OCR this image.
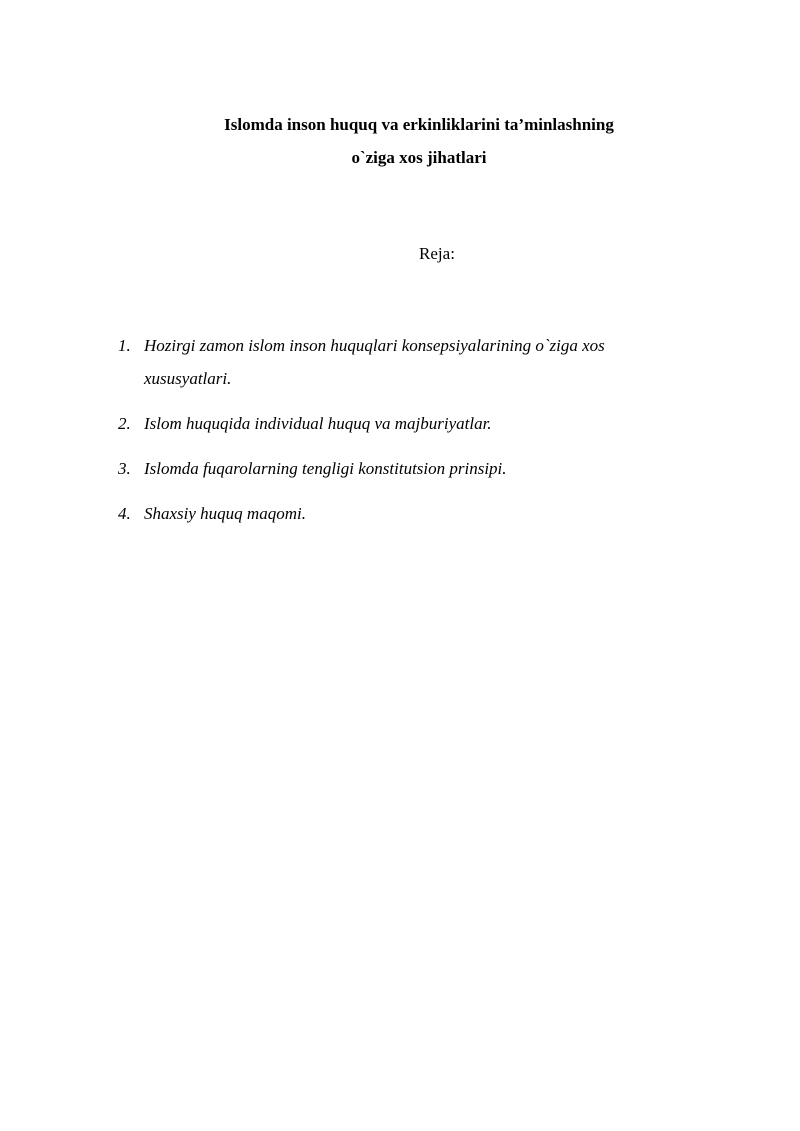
Islomda inson huquq va erkinliklarini ta’minlashning
o`ziga xos jihatlari

Reja:

1. Hozirgi zamon islom inson huquqlari konsepsiyalarining o`ziga xos xususyatlari.
2. Islom huquqida individual huquq va majburiyatlar.
3. Islomda fuqarolarning tengligi konstitutsion prinsipi.
4. Shaxsiy huquq maqomi.
